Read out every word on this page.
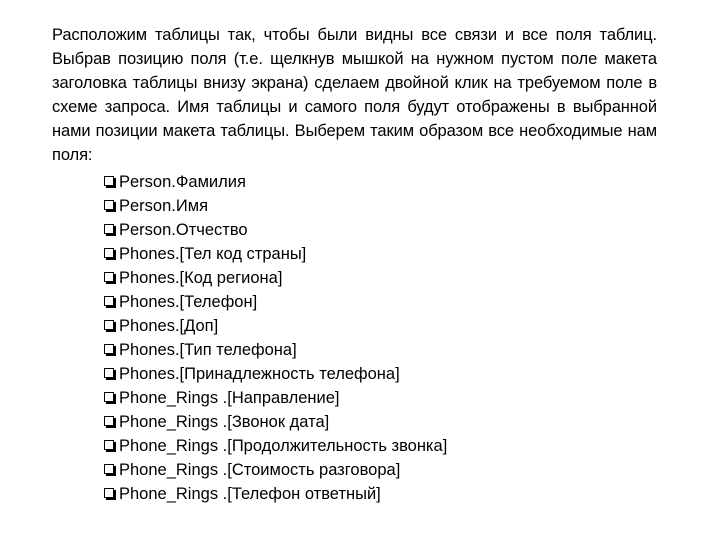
Расположим таблицы так, чтобы были видны все связи и все поля таблиц. Выбрав позицию поля (т.е. щелкнув мышкой на нужном пустом поле макета заголовка таблицы внизу экрана) сделаем двойной клик на требуемом поле в схеме запроса. Имя таблицы и самого поля будут отображены в выбранной нами позиции макета таблицы. Выберем таким образом все необходимые нам поля:

Person.Фамилия
Person.Имя
Person.Отчество
Phones.[Тел код страны]
Phones.[Код региона]
Phones.[Телефон]
Phones.[Доп]
Phones.[Тип телефона]
Phones.[Принадлежность телефона]
Phone_Rings .[Направление]
Phone_Rings .[Звонок дата]
Phone_Rings .[Продолжительность звонка]
Phone_Rings .[Стоимость разговора]
Phone_Rings .[Телефон ответный]
